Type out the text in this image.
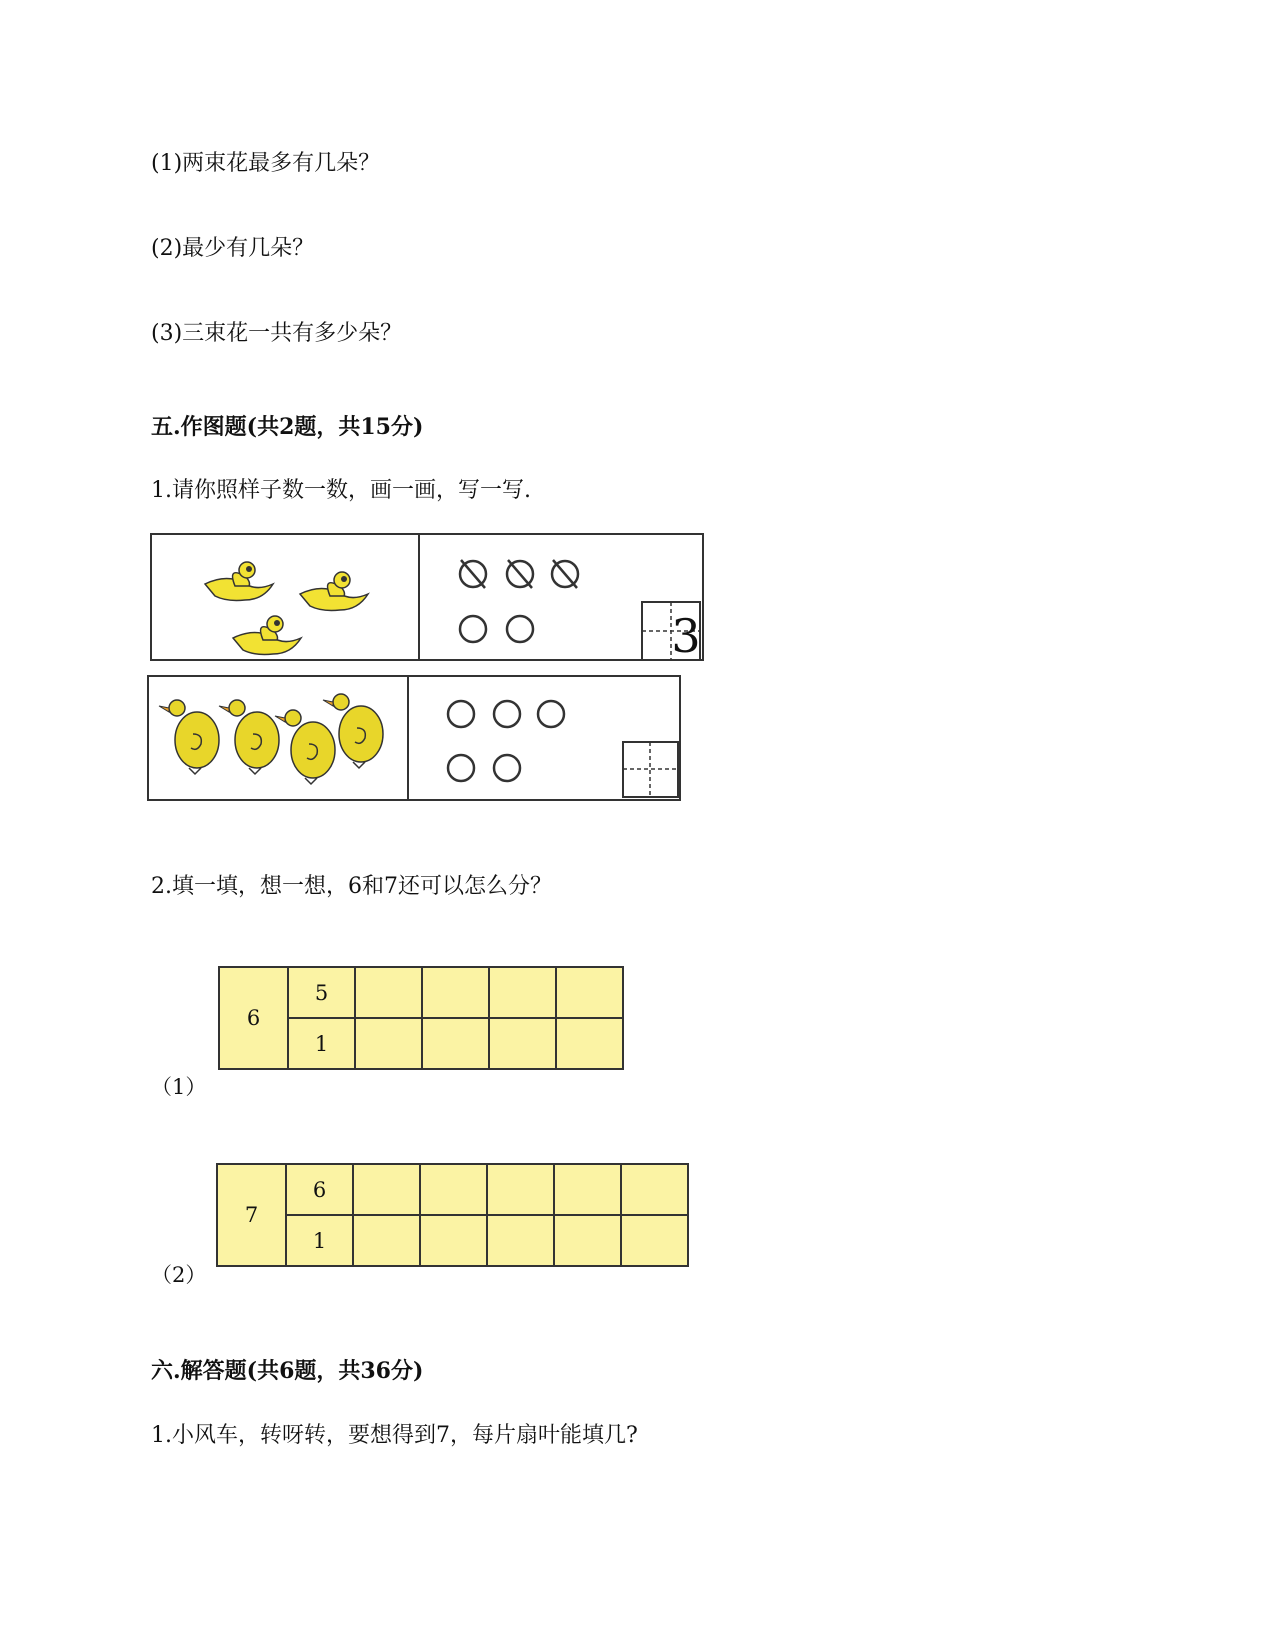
(1)两束花最多有几朵？
(2)最少有几朵？
(3)三束花一共有多少朵？
五.作图题(共2题，共15分)
1.请你照样子数一数，画一画，写一写.
3
2.填一填，想一想，6和7还可以怎么分？
6	5				
	1				
（1）
7	6					
	1					
（2）
六.解答题(共6题，共36分)
1.小风车，转呀转，要想得到7，每片扇叶能填几?
